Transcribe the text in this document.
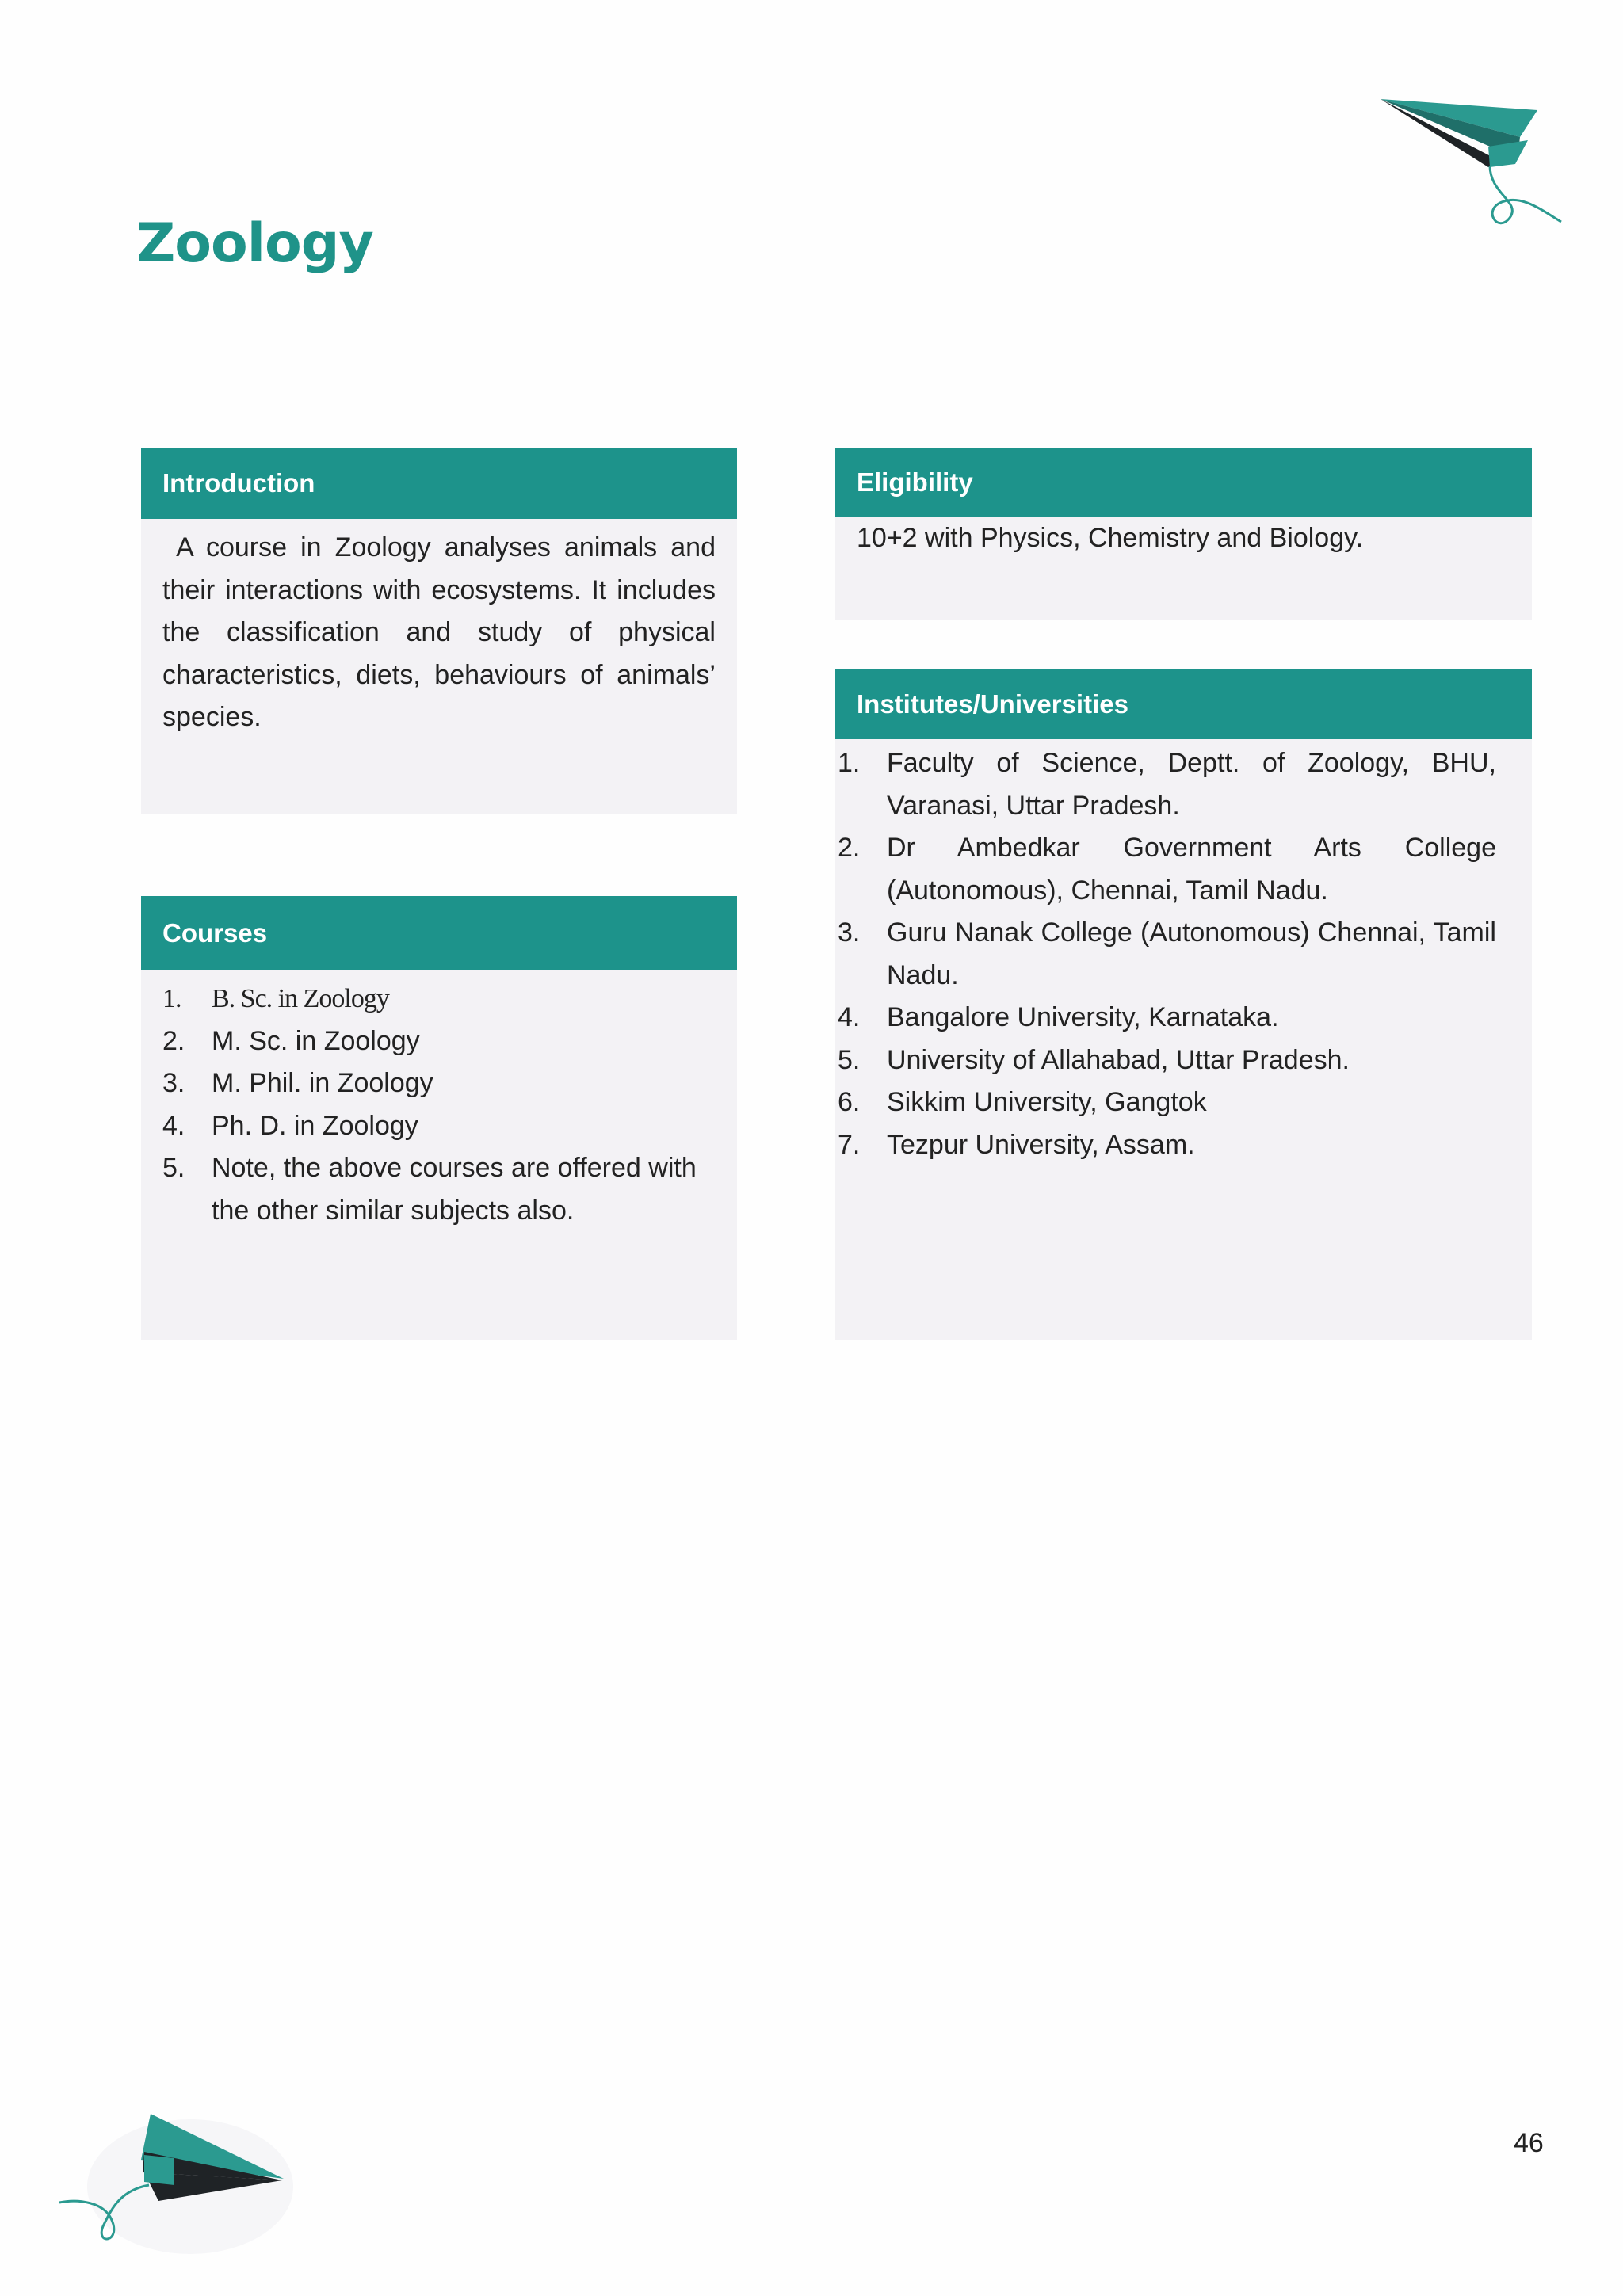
Zoology
Introduction
A course in Zoology analyses animals and their interactions with ecosystems. It includes the classification and study of physical characteristics, diets, behaviours of animals’ species.
Courses
1.	B. Sc. in Zoology
2. M. Sc. in Zoology
3. M. Phil. in Zoology
4. Ph. D. in Zoology
5. Note, the above courses are offered with the other similar subjects also.
Eligibility
10+2 with Physics, Chemistry and Biology.
Institutes/Universities
1. Faculty of Science, Deptt. of Zoology, BHU, Varanasi, Uttar Pradesh.
2. Dr Ambedkar Government Arts College (Autonomous), Chennai, Tamil Nadu.
3. Guru Nanak College (Autonomous) Chennai, Tamil Nadu.
4. Bangalore University, Karnataka.
5. University of Allahabad, Uttar Pradesh.
6. Sikkim University, Gangtok
7. Tezpur University, Assam.
46
